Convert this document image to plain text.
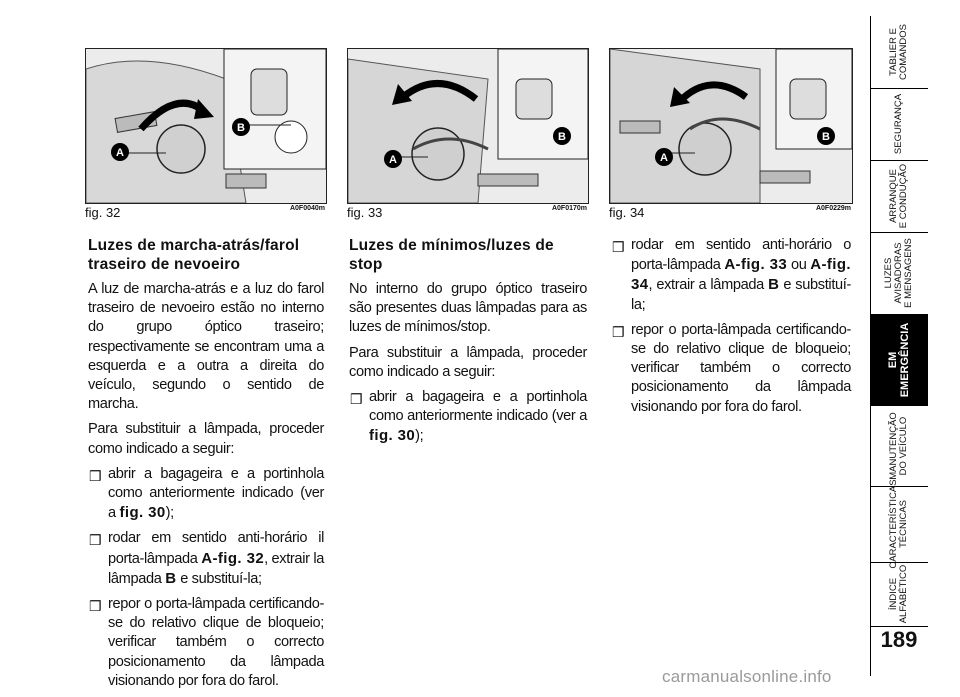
B
A
fig. 32	A0F0040m
B
A
fig. 33	A0F0170m
B
A
fig. 34	A0F0229m
Luzes de marcha-atrás/farol
traseiro de nevoeiro

A luz de marcha-atrás e a luz do farol traseiro de nevoeiro estão no interno do grupo óptico traseiro; respectivamente se encontram uma a esquerda e a outra a direita do veículo, segundo o sentido de marcha.

Para substituir a lâmpada, proceder como indicado a seguir:

❒ abrir a bagageira e a portinhola como anteriormente indicado (ver a fig. 30);
❒ rodar em sentido anti-horário il porta-lâmpada A-fig. 32, extrair la lâmpada B e substituí-la;
❒ repor o porta-lâmpada certificando-se do relativo clique de bloqueio; verificar também o correcto posicionamento da lâmpada visionando por fora do farol.
Luzes de mínimos/luzes de
stop

No interno do grupo óptico traseiro são presentes duas lâmpadas para as luzes de mínimos/stop.

Para substituir a lâmpada, proceder como indicado a seguir:

❒ abrir a bagageira e a portinhola como anteriormente indicado (ver a fig. 30);
❒ rodar em sentido anti-horário o porta-lâmpada A-fig. 33 ou A-fig. 34, extrair a lâmpada B e substituí-la;
❒ repor o porta-lâmpada certificando-se do relativo clique de bloqueio; verificar também o correcto posicionamento da lâmpada visionando por fora do farol.
TABLIER E
COMANDOS
SEGURANÇA
ARRANQUE
E CONDUÇÃO
LUZES
AVISADORAS
E MENSAGENS
EM
EMERGÊNCIA
MANUTENÇÃO
DO VEÍCULO
CARACTERÍSTICAS
TÉCNICAS
ÍNDICE
ALFABÉTICO
189
carmanualsonline.info
